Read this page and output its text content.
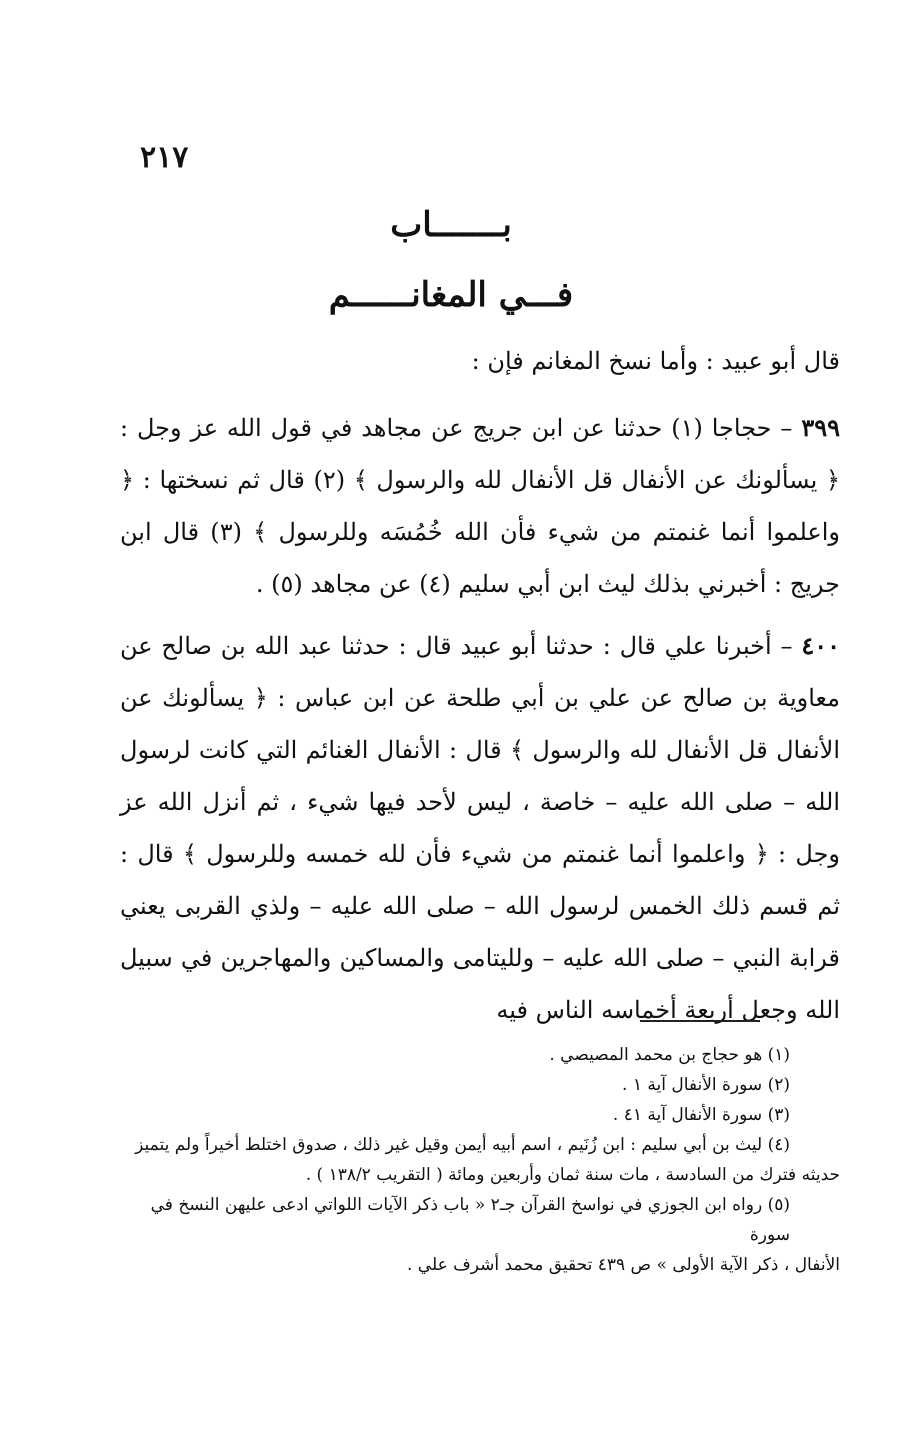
٢١٧
بـــــــاب
فـــي المغانــــــم
قال أبو عبيد : وأما نسخ المغانم فإن :
٣٩٩ – حجاجا (١) حدثنا عن ابن جريج عن مجاهد في قول الله عز وجل : ﴿ يسألونك عن الأنفال قل الأنفال لله والرسول ﴾ (٢) قال ثم نسختها : ﴿ واعلموا أنما غنمتم من شيء فأن الله خُمُسَه وللرسول ﴾ (٣) قال ابن جريج : أخبرني بذلك ليث ابن أبي سليم (٤) عن مجاهد (٥) .
٤٠٠ – أخبرنا علي قال : حدثنا أبو عبيد قال : حدثنا عبد الله بن صالح عن معاوية بن صالح عن علي بن أبي طلحة عن ابن عباس : ﴿ يسألونك عن الأنفال قل الأنفال لله والرسول ﴾ قال : الأنفال الغنائم التي كانت لرسول الله – صلى الله عليه – خاصة ، ليس لأحد فيها شيء ، ثم أنزل الله عز وجل : ﴿ واعلموا أنما غنمتم من شيء فأن لله خمسه وللرسول ﴾ قال : ثم قسم ذلك الخمس لرسول الله – صلى الله عليه – ولذي القربى يعني قرابة النبي – صلى الله عليه – ولليتامى والمساكين والمهاجرين في سبيل الله وجعل أربعة أخماسه الناس فيه

(١) هو حجاج بن محمد المصيصي .

(٢) سورة الأنفال آية ١ .

(٣) سورة الأنفال آية ٤١ .

(٤) ليث بن أبي سليم : ابن زُنَيم ، اسم أبيه أيمن وقيل غير ذلك ، صدوق اختلط أخيراً ولم يتميز

حديثه فترك من السادسة ، مات سنة ثمان وأربعين ومائة ( التقريب ١٣٨/٢ ) .

(٥) رواه ابن الجوزي في نواسخ القرآن جـ٢ « باب ذكر الآيات اللواتي ادعى عليهن النسخ في سورة

الأنفال ، ذكر الآية الأولى » ص ٤٣٩ تحقيق محمد أشرف علي .
